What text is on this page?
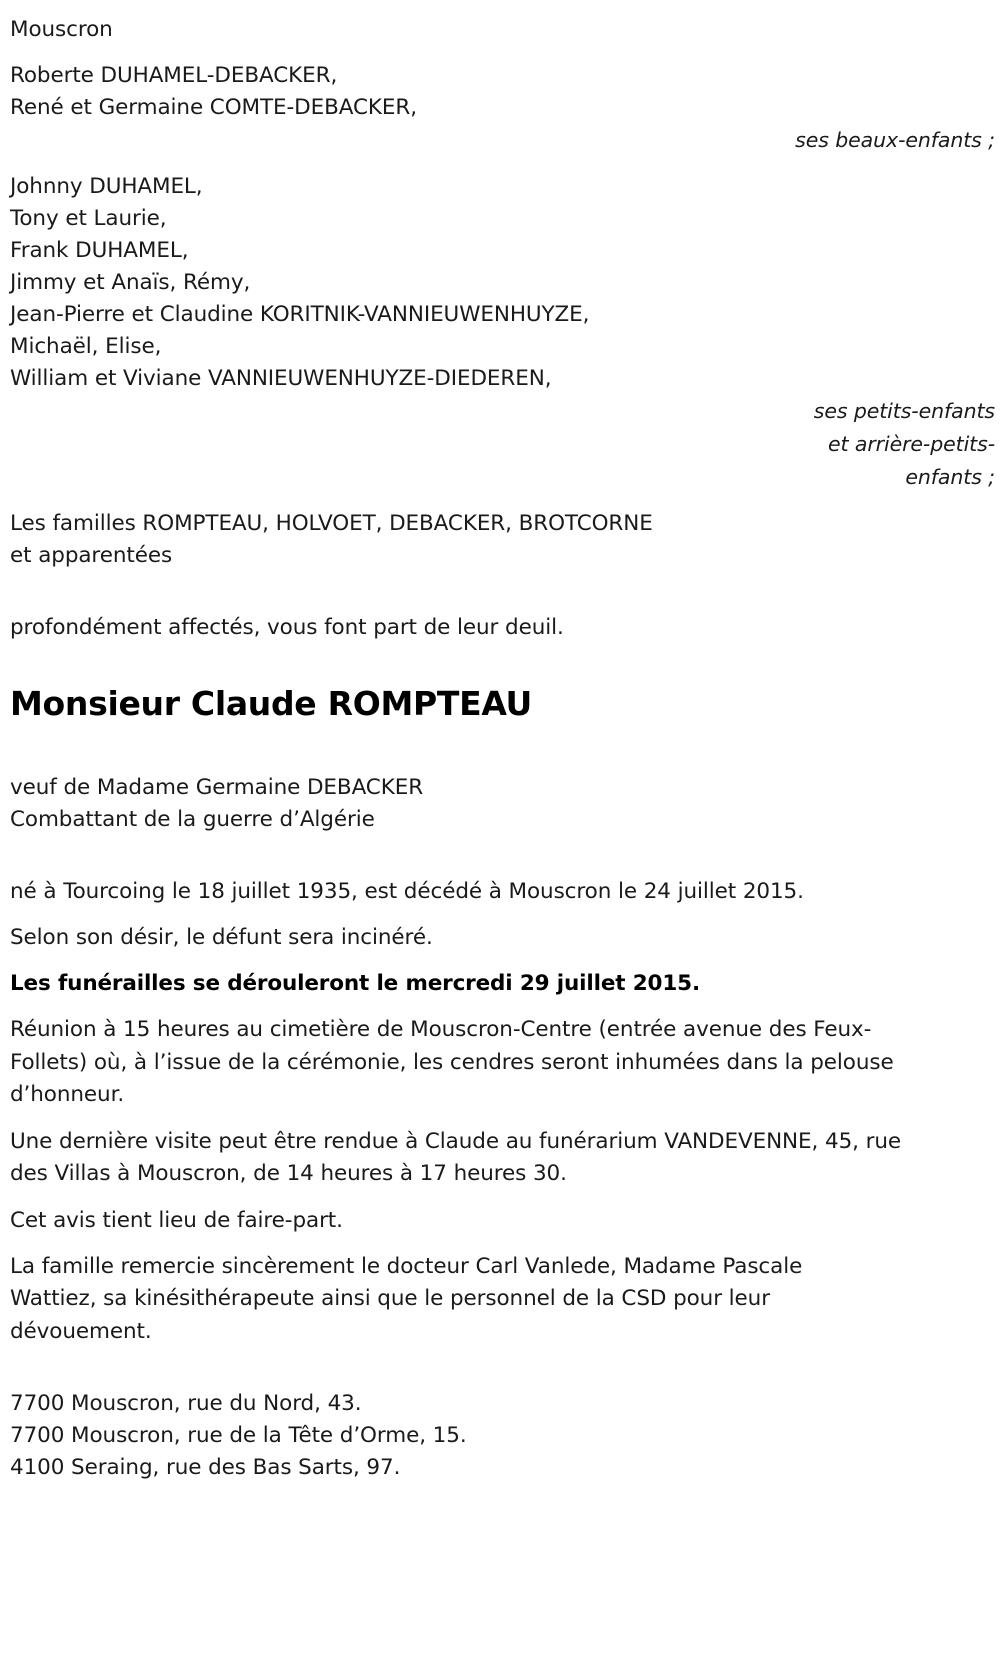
Mouscron
Roberte DUHAMEL-DEBACKER,
René et Germaine COMTE-DEBACKER,
ses beaux-enfants ;
Johnny DUHAMEL,
Tony et Laurie,
Frank DUHAMEL,
Jimmy et Anaïs, Rémy,
Jean-Pierre et Claudine KORITNIK-VANNIEUWENHUYZE,
Michaël, Elise,
William et Viviane VANNIEUWENHUYZE-DIEDEREN,
ses petits-enfants
et arrière-petits-
enfants ;
Les familles ROMPTEAU, HOLVOET, DEBACKER, BROTCORNE
et apparentées
profondément affectés, vous font part de leur deuil.
Monsieur Claude ROMPTEAU
veuf de Madame Germaine DEBACKER
Combattant de la guerre d’Algérie
né à Tourcoing le 18 juillet 1935, est décédé à Mouscron le 24 juillet 2015.
Selon son désir, le défunt sera incinéré.
Les funérailles se dérouleront le mercredi 29 juillet 2015.
Réunion à 15 heures au cimetière de Mouscron-Centre (entrée avenue des Feux-Follets) où, à l’issue de la cérémonie, les cendres seront inhumées dans la pelouse d’honneur.
Une dernière visite peut être rendue à Claude au funérarium VANDEVENNE, 45, rue des Villas à Mouscron, de 14 heures à 17 heures 30.
Cet avis tient lieu de faire-part.
La famille remercie sincèrement le docteur Carl Vanlede, Madame Pascale Wattiez, sa kinésithérapeute ainsi que le personnel de la CSD pour leur dévouement.
7700 Mouscron, rue du Nord, 43.
7700 Mouscron, rue de la Tête d’Orme, 15.
4100 Seraing, rue des Bas Sarts, 97.
